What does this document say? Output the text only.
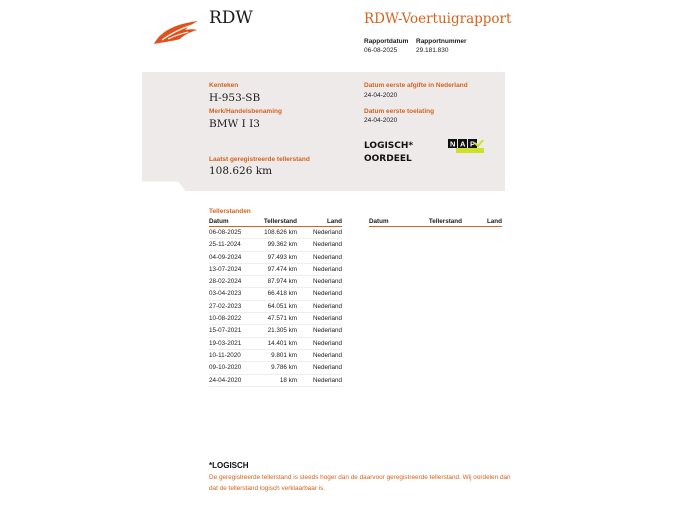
RDW	RDW-Voertuigrapport
Rapportdatum
06-08-2025
Rapportnummer
29.181.830
Kenteken
H-953-SB
Merk/Handelsbenaming
BMW I I3
Laatst geregistreerde tellerstand
108.626 km
Datum eerste afgifte in Nederland
24-04-2020
Datum eerste toelating
24-04-2020
LOGISCH*
OORDEEL
N A P
Tellerstanden
Datum	Tellerstand	Land
06-08-2025	108.626 km	Nederland
25-11-2024	99.362 km	Nederland
04-09-2024	97.493 km	Nederland
13-07-2024	97.474 km	Nederland
28-02-2024	87.974 km	Nederland
03-04-2023	66.418 km	Nederland
27-02-2023	64.051 km	Nederland
10-08-2022	47.571 km	Nederland
15-07-2021	21.305 km	Nederland
19-03-2021	14.401 km	Nederland
10-11-2020	9.801 km	Nederland
09-10-2020	9.786 km	Nederland
24-04-2020	18 km	Nederland
Datum	Tellerstand	Land
*LOGISCH
De geregistreerde tellerstand is steeds hoger dan de daarvoor geregistreerde tellerstand. Wij oordelen dan dat de tellerstand logisch verklaarbaar is.
